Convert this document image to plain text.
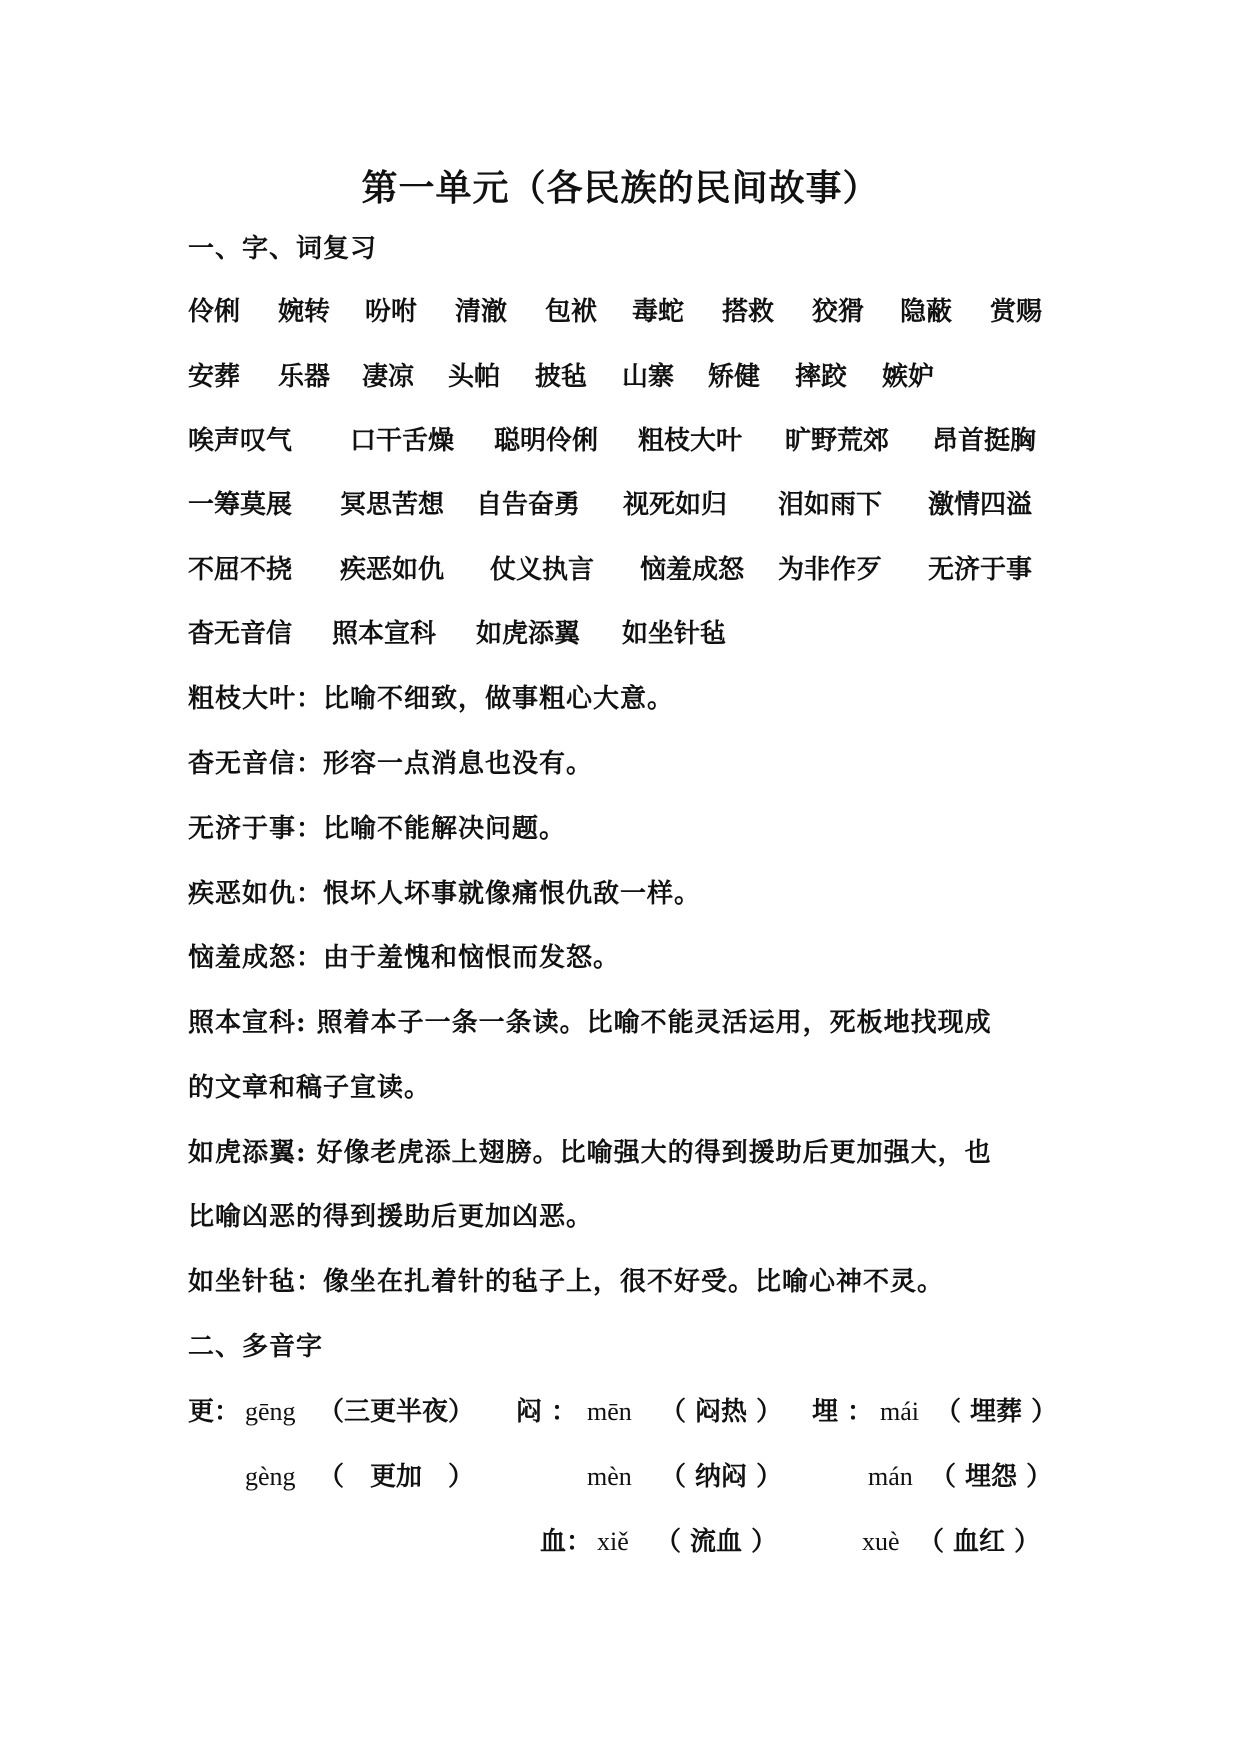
第一单元（各民族的民间故事）
一、字、词复习
伶俐 婉转 吩咐 清澈 包袱 毒蛇 搭救 狡猾 隐蔽 赏赐
安葬 乐器 凄凉 头帕 披毡 山寨 矫健 摔跤 嫉妒
唉声叹气 口干舌燥 聪明伶俐 粗枝大叶 旷野荒郊 昂首挺胸
一筹莫展 冥思苦想 自告奋勇 视死如归 泪如雨下 激情四溢
不屈不挠 疾恶如仇 仗义执言 恼羞成怒 为非作歹 无济于事
杳无音信 照本宣科 如虎添翼 如坐针毡
粗枝大叶：比喻不细致，做事粗心大意。
杳无音信：形容一点消息也没有。
无济于事：比喻不能解决问题。
疾恶如仇：恨坏人坏事就像痛恨仇敌一样。
恼羞成怒：由于羞愧和恼恨而发怒。
照本宣科: 照着本子一条一条读。比喻不能灵活运用，死板地找现成
的文章和稿子宣读。
如虎添翼: 好像老虎添上翅膀。比喻强大的得到援助后更加强大，也
比喻凶恶的得到援助后更加凶恶。
如坐针毡：像坐在扎着针的毡子上，很不好受。比喻心神不灵。
二、多音字
更： gēng （三更半夜）
gèng （　更加　）
闷 ： mēn （ 闷热 ）
mèn （ 纳闷 ）
埋 ： mái （ 埋葬 ）
mán （ 埋怨 ）
血： xiě （ 流血 ）	xuè （ 血红 ）
